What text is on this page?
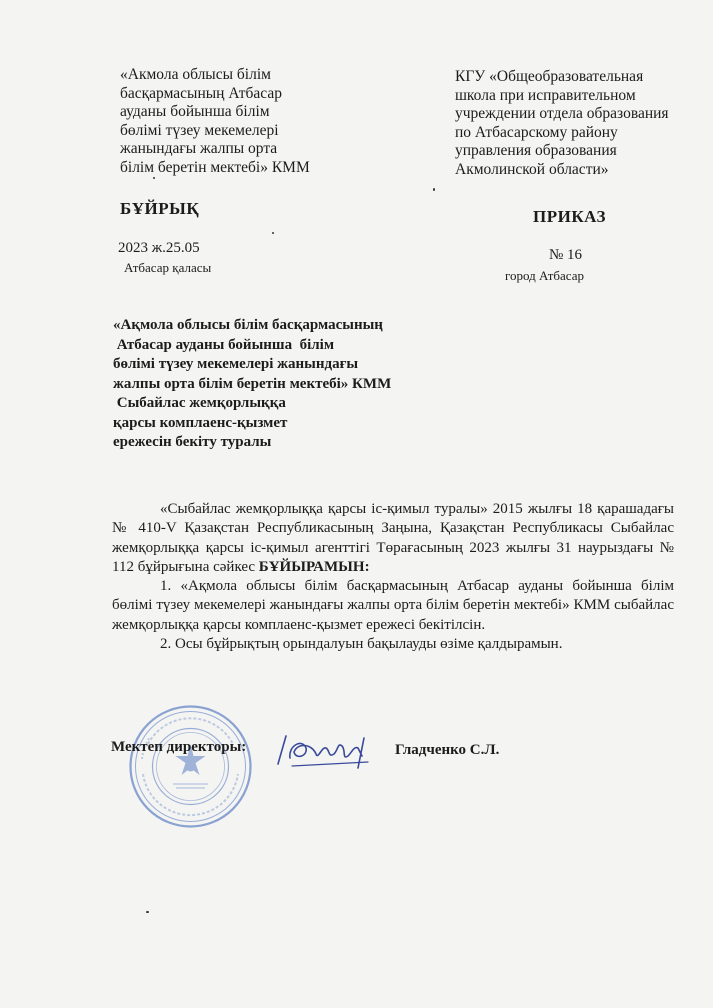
«Акмола облысы білім
басқармасының Атбасар
ауданы бойынша білім
бөлімі түзеу мекемелері
жанындағы жалпы орта
білім беретін мектебі» КММ
КГУ «Общеобразовательная
школа при исправительном
учреждении отдела образования
по Атбасарскому району
управления образования
Акмолинской области»
БҰЙРЫҚ	ПРИКАЗ
2023 ж.25.05
Атбасар қаласы
№ 16
город Атбасар
«Ақмола облысы білім басқармасының
Атбасар ауданы бойынша  білім
бөлімі түзеу мекемелері жанындағы
жалпы орта білім беретін мектебі» КММ
Сыбайлас жемқорлыққа
қарсы комплаенс-қызмет
ережесін бекіту туралы

«Сыбайлас жемқорлыққа қарсы іс-қимыл туралы» 2015 жылғы 18 қарашадағы № 410-V Қазақстан Республикасының Заңына, Қазақстан Республикасы Сыбайлас жемқорлыққа қарсы іс-қимыл агенттігі Төрағасының 2023 жылғы 31 наурыздағы № 112 бұйрығына сәйкес БҰЙЫРАМЫН:

1. «Ақмола облысы білім басқармасының Атбасар ауданы бойынша білім бөлімі түзеу мекемелері жанындағы жалпы орта білім беретін мектебі» КММ сыбайлас жемқорлыққа қарсы комплаенс-қызмет ережесі бекітілсін.

2. Осы бұйрықтың орындалуын бақылауды өзіме қалдырамын.

Мектеп директоры:	Гладченко С.Л.
